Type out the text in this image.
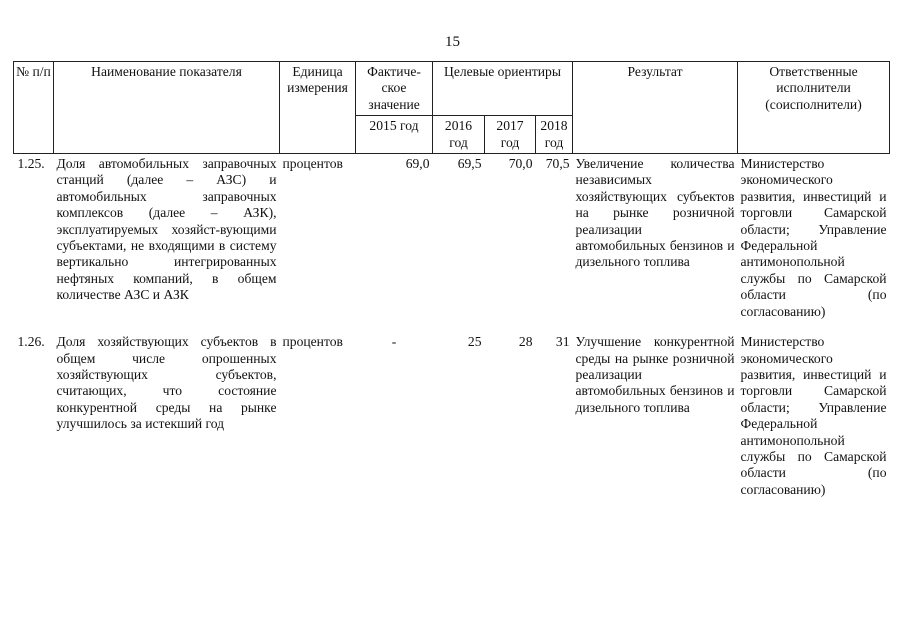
15
№ п/п	Наименование показателя	Единица измерения	Фактиче-ское значение	Целевые ориентиры			Результат	Ответственные исполнители (соисполнители)
			2015 год	2016 год	2017 год	2018 год		
1.25.	Доля автомобильных заправочных станций (далее – АЗС) и автомобильных заправочных комплексов (далее – АЗК), эксплуатируемых хозяйст-вующими субъектами, не входящими в систему вертикально интегрированных нефтяных компаний, в общем количестве АЗС и АЗК	процентов	69,0	69,5	70,0	70,5	Увеличение количества независимых хозяйствующих субъектов на рынке розничной реализации автомобильных бензинов и дизельного топлива	Министерство экономического развития, инвестиций и торговли Самарской области; Управление Федеральной антимонопольной службы по Самарской области (по согласованию)
1.26.	Доля хозяйствующих субъектов в общем числе опрошенных хозяйствующих субъектов, считающих, что состояние конкурентной среды на рынке улучшилось за истекший год	процентов	-	25	28	31	Улучшение конкурентной среды на рынке розничной реализации автомобильных бензинов и дизельного топлива	Министерство экономического развития, инвестиций и торговли Самарской области; Управление Федеральной антимонопольной службы по Самарской области (по согласованию)
